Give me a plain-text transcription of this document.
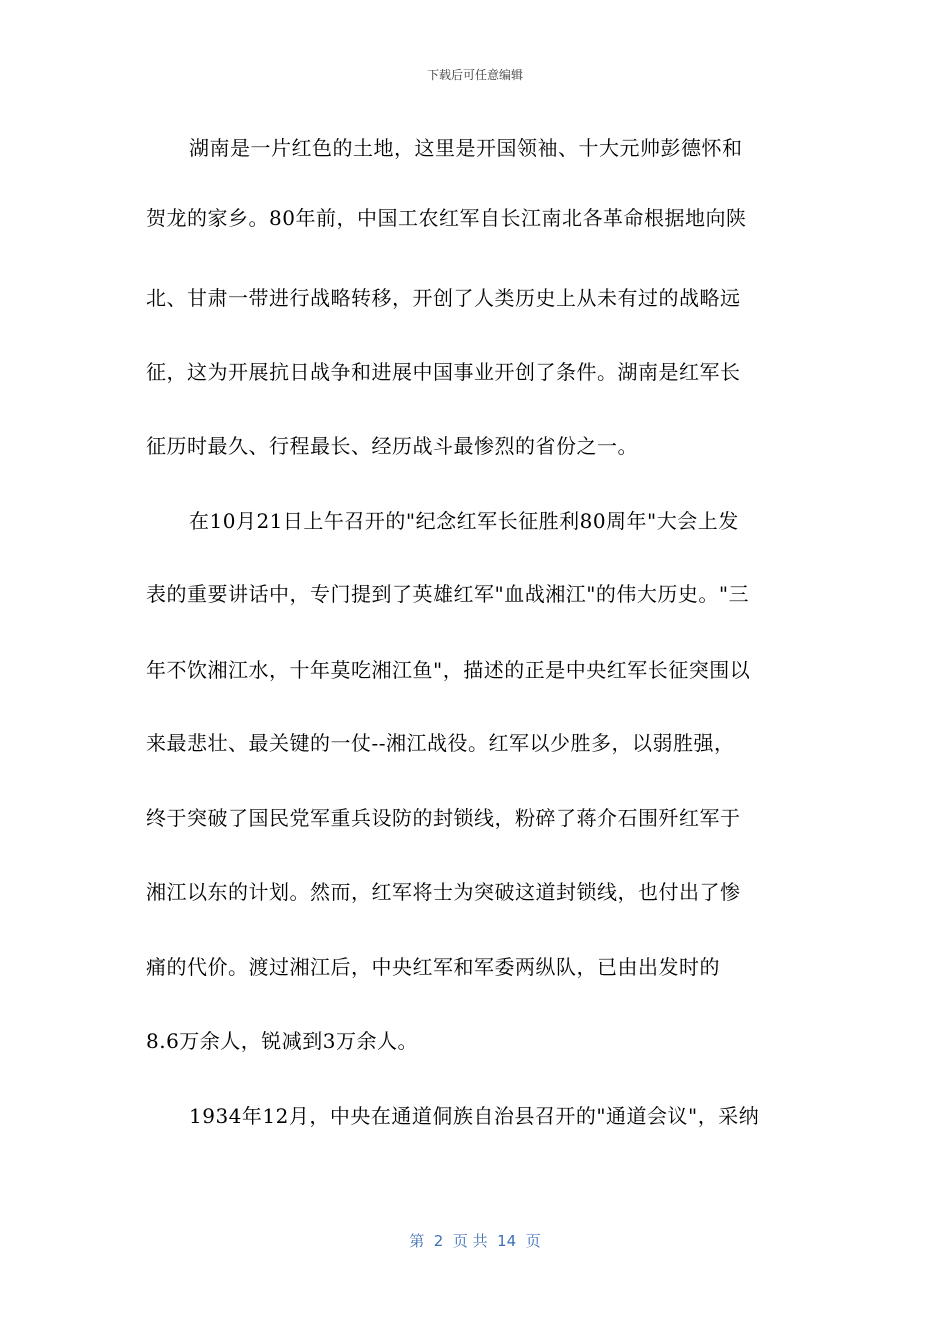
下载后可任意编辑
湖南是一片红色的土地，这里是开国领袖、十大元帅彭德怀和
贺龙的家乡。80年前，中国工农红军自长江南北各革命根据地向陕
北、甘肃一带进行战略转移，开创了人类历史上从未有过的战略远
征，这为开展抗日战争和进展中国事业开创了条件。湖南是红军长
征历时最久、行程最长、经历战斗最惨烈的省份之一。
在10月21日上午召开的"纪念红军长征胜利80周年"大会上发
表的重要讲话中，专门提到了英雄红军"血战湘江"的伟大历史。"三
年不饮湘江水，十年莫吃湘江鱼"，描述的正是中央红军长征突围以
来最悲壮、最关键的一仗--湘江战役。红军以少胜多，以弱胜强，
终于突破了国民党军重兵设防的封锁线，粉碎了蒋介石围歼红军于
湘江以东的计划。然而，红军将士为突破这道封锁线，也付出了惨
痛的代价。渡过湘江后，中央红军和军委两纵队，已由出发时的
8.6万余人，锐减到3万余人。
1934年12月，中央在通道侗族自治县召开的"通道会议"，采纳
第  2  页 共  14  页
